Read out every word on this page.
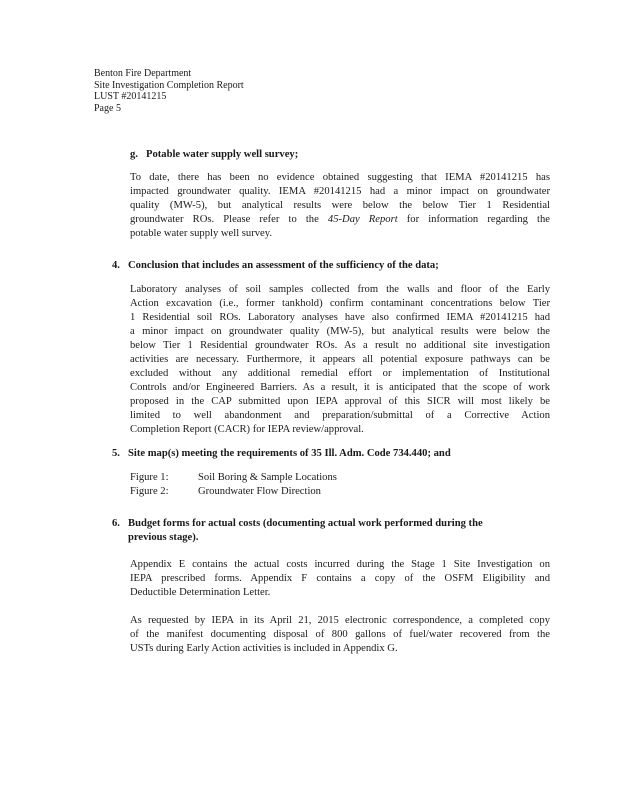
Benton Fire Department
Site Investigation Completion Report
LUST #20141215
Page 5
g. Potable water supply well survey;
To date, there has been no evidence obtained suggesting that IEMA #20141215 has
impacted groundwater quality. IEMA #20141215 had a minor impact on groundwater
quality (MW-5), but analytical results were below the below Tier 1 Residential
groundwater ROs. Please refer to the 45-Day Report for information regarding the
potable water supply well survey.
4. Conclusion that includes an assessment of the sufficiency of the data;
Laboratory analyses of soil samples collected from the walls and floor of the Early
Action excavation (i.e., former tankhold) confirm contaminant concentrations below Tier
1 Residential soil ROs. Laboratory analyses have also confirmed IEMA #20141215 had
a minor impact on groundwater quality (MW-5), but analytical results were below the
below Tier 1 Residential groundwater ROs. As a result no additional site investigation
activities are necessary. Furthermore, it appears all potential exposure pathways can be
excluded without any additional remedial effort or implementation of Institutional
Controls and/or Engineered Barriers. As a result, it is anticipated that the scope of work
proposed in the CAP submitted upon IEPA approval of this SICR will most likely be
limited to well abandonment and preparation/submittal of a Corrective Action
Completion Report (CACR) for IEPA review/approval.
5. Site map(s) meeting the requirements of 35 Ill. Adm. Code 734.440; and
Figure 1:	Soil Boring & Sample Locations
Figure 2:	Groundwater Flow Direction
6. Budget forms for actual costs (documenting actual work performed during the
previous stage).
Appendix E contains the actual costs incurred during the Stage 1 Site Investigation on
IEPA prescribed forms. Appendix F contains a copy of the OSFM Eligibility and
Deductible Determination Letter.
As requested by IEPA in its April 21, 2015 electronic correspondence, a completed copy
of the manifest documenting disposal of 800 gallons of fuel/water recovered from the
USTs during Early Action activities is included in Appendix G.
